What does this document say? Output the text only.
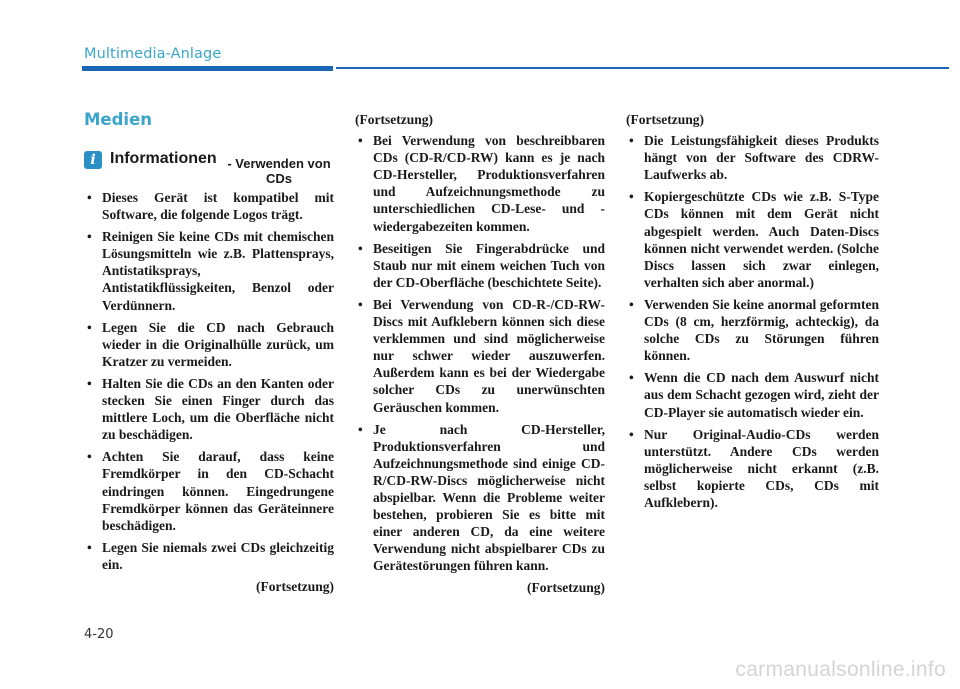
Multimedia-Anlage
Medien
i Informationen - Verwenden von CDs
• Dieses Gerät ist kompatibel mit Software, die folgende Logos trägt.
• Reinigen Sie keine CDs mit chemischen Lösungsmitteln wie z.B. Plattensprays, Antistatiksprays, Antistatikflüssigkeiten, Benzol oder Verdünnern.
• Legen Sie die CD nach Gebrauch wieder in die Originalhülle zurück, um Kratzer zu vermeiden.
• Halten Sie die CDs an den Kanten oder stecken Sie einen Finger durch das mittlere Loch, um die Oberfläche nicht zu beschädigen.
• Achten Sie darauf, dass keine Fremdkörper in den CD-Schacht eindringen können. Eingedrungene Fremdkörper können das Geräteinnere beschädigen.
• Legen Sie niemals zwei CDs gleichzeitig ein.
(Fortsetzung)
(Fortsetzung)
• Bei Verwendung von beschreibbaren CDs (CD-R/CD-RW) kann es je nach CD-Hersteller, Produktionsverfahren und Aufzeichnungsmethode zu unterschiedlichen CD-Lese- und -wiedergabezeiten kommen.
• Beseitigen Sie Fingerabdrücke und Staub nur mit einem weichen Tuch von der CD-Oberfläche (beschichtete Seite).
• Bei Verwendung von CD-R-/CD-RW-Discs mit Aufklebern können sich diese verklemmen und sind möglicherweise nur schwer wieder auszuwerfen. Außerdem kann es bei der Wiedergabe solcher CDs zu unerwünschten Geräuschen kommen.
• Je nach CD-Hersteller, Produktionsverfahren und Aufzeichnungsmethode sind einige CD-R/CD-RW-Discs möglicherweise nicht abspielbar. Wenn die Probleme weiter bestehen, probieren Sie es bitte mit einer anderen CD, da eine weitere Verwendung nicht abspielbarer CDs zu Gerätestörungen führen kann.
(Fortsetzung)
(Fortsetzung)
• Die Leistungsfähigkeit dieses Produkts hängt von der Software des CDRW-Laufwerks ab.
• Kopiergeschützte CDs wie z.B. S-Type CDs können mit dem Gerät nicht abgespielt werden. Auch Daten-Discs können nicht verwendet werden. (Solche Discs lassen sich zwar einlegen, verhalten sich aber anormal.)
• Verwenden Sie keine anormal geformten CDs (8 cm, herzförmig, achteckig), da solche CDs zu Störungen führen können.
• Wenn die CD nach dem Auswurf nicht aus dem Schacht gezogen wird, zieht der CD-Player sie automatisch wieder ein.
• Nur Original-Audio-CDs werden unterstützt. Andere CDs werden möglicherweise nicht erkannt (z.B. selbst kopierte CDs, CDs mit Aufklebern).
4-20
carmanualsonline.info
